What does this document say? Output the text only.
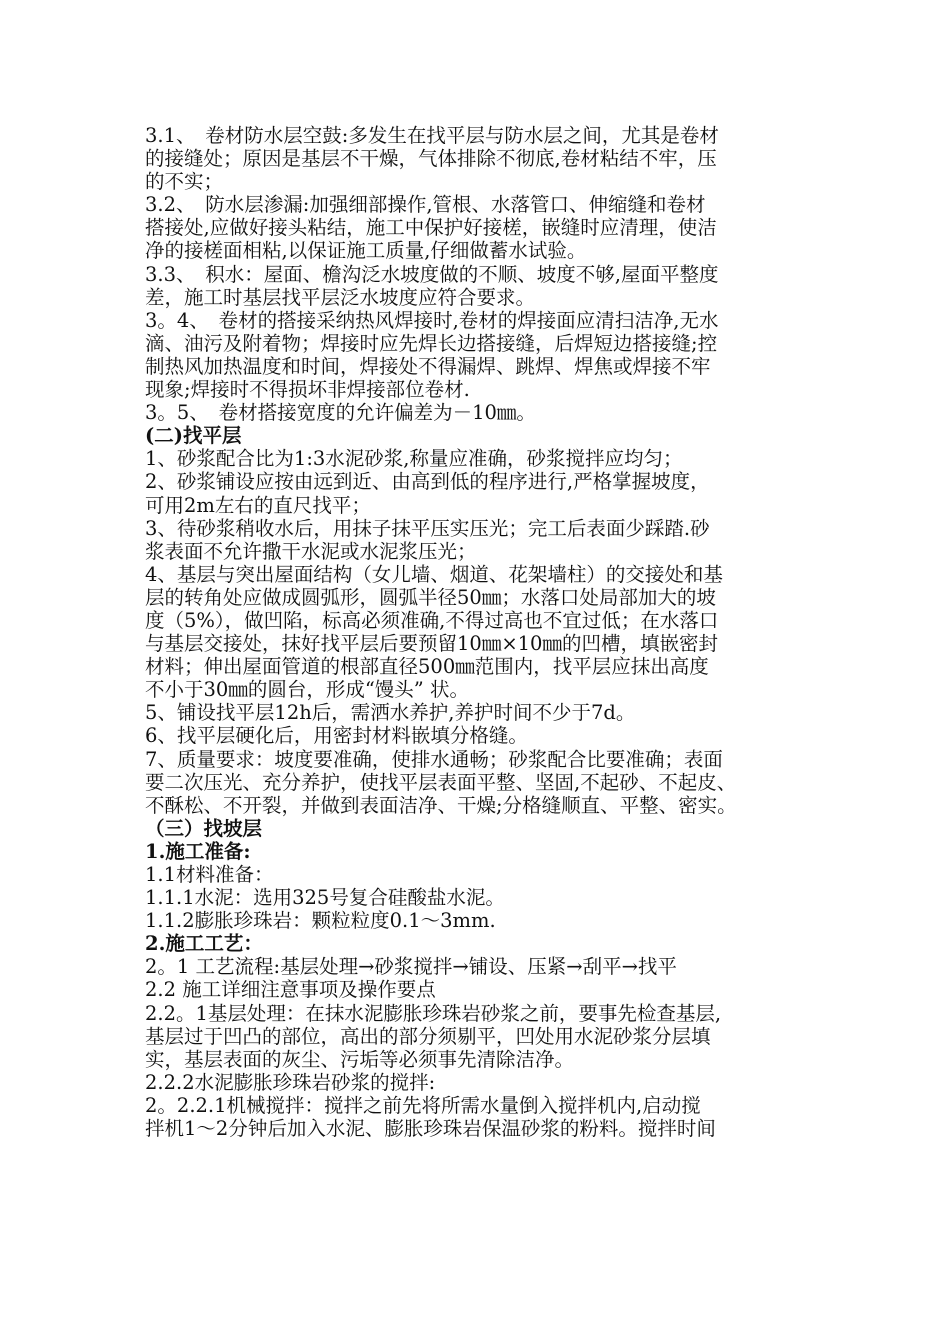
3.1、　卷材防水层空鼓:多发生在找平层与防水层之间，尤其是卷材
的接缝处；原因是基层不干燥，气体排除不彻底,卷材粘结不牢，压
的不实；
3.2、　防水层渗漏:加强细部操作,管根、水落管口、伸缩缝和卷材
搭接处,应做好接头粘结，施工中保护好接槎，嵌缝时应清理，使洁
净的接槎面相粘,以保证施工质量,仔细做蓄水试验。
3.3、　积水：屋面、檐沟泛水坡度做的不顺、坡度不够,屋面平整度
差，施工时基层找平层泛水坡度应符合要求。
3。4、　卷材的搭接采纳热风焊接时,卷材的焊接面应清扫洁净,无水
滴、油污及附着物；焊接时应先焊长边搭接缝，后焊短边搭接缝;控
制热风加热温度和时间，焊接处不得漏焊、跳焊、焊焦或焊接不牢
现象;焊接时不得损坏非焊接部位卷材.
3。5、　卷材搭接宽度的允许偏差为－10㎜。
(二)找平层
1、砂浆配合比为1:3水泥砂浆,称量应准确，砂浆搅拌应均匀；
2、砂浆铺设应按由远到近、由高到低的程序进行,严格掌握坡度，
可用2m左右的直尺找平；
3、待砂浆稍收水后，用抹子抹平压实压光；完工后表面少踩踏.砂
浆表面不允许撒干水泥或水泥浆压光；
4、基层与突出屋面结构（女儿墙、烟道、花架墙柱）的交接处和基
层的转角处应做成圆弧形，圆弧半径50㎜；水落口处局部加大的坡
度（5%），做凹陷，标高必须准确,不得过高也不宜过低；在水落口
与基层交接处，抹好找平层后要预留10㎜×10㎜的凹槽，填嵌密封
材料；伸出屋面管道的根部直径500㎜范围内，找平层应抹出高度
不小于30㎜的圆台，形成“馒头” 状。
5、铺设找平层12h后，需洒水养护,养护时间不少于7d。
6、找平层硬化后，用密封材料嵌填分格缝。
7、质量要求：坡度要准确，使排水通畅；砂浆配合比要准确；表面
要二次压光、充分养护，使找平层表面平整、坚固,不起砂、不起皮、
不酥松、不开裂，并做到表面洁净、干燥;分格缝顺直、平整、密实。
（三）找坡层
1.施工准备:
1.1材料准备：
1.1.1水泥：选用325号复合硅酸盐水泥。
1.1.2膨胀珍珠岩：颗粒粒度0.1～3mm.
2.施工工艺：
2。1 工艺流程:基层处理→砂浆搅拌→铺设、压紧→刮平→找平
2.2 施工详细注意事项及操作要点
2.2。1基层处理：在抹水泥膨胀珍珠岩砂浆之前，要事先检查基层,
基层过于凹凸的部位，高出的部分须剔平，凹处用水泥砂浆分层填
实，基层表面的灰尘、污垢等必须事先清除洁净。
2.2.2水泥膨胀珍珠岩砂浆的搅拌:
2。2.2.1机械搅拌：搅拌之前先将所需水量倒入搅拌机内,启动搅
拌机1～2分钟后加入水泥、膨胀珍珠岩保温砂浆的粉料。搅拌时间
